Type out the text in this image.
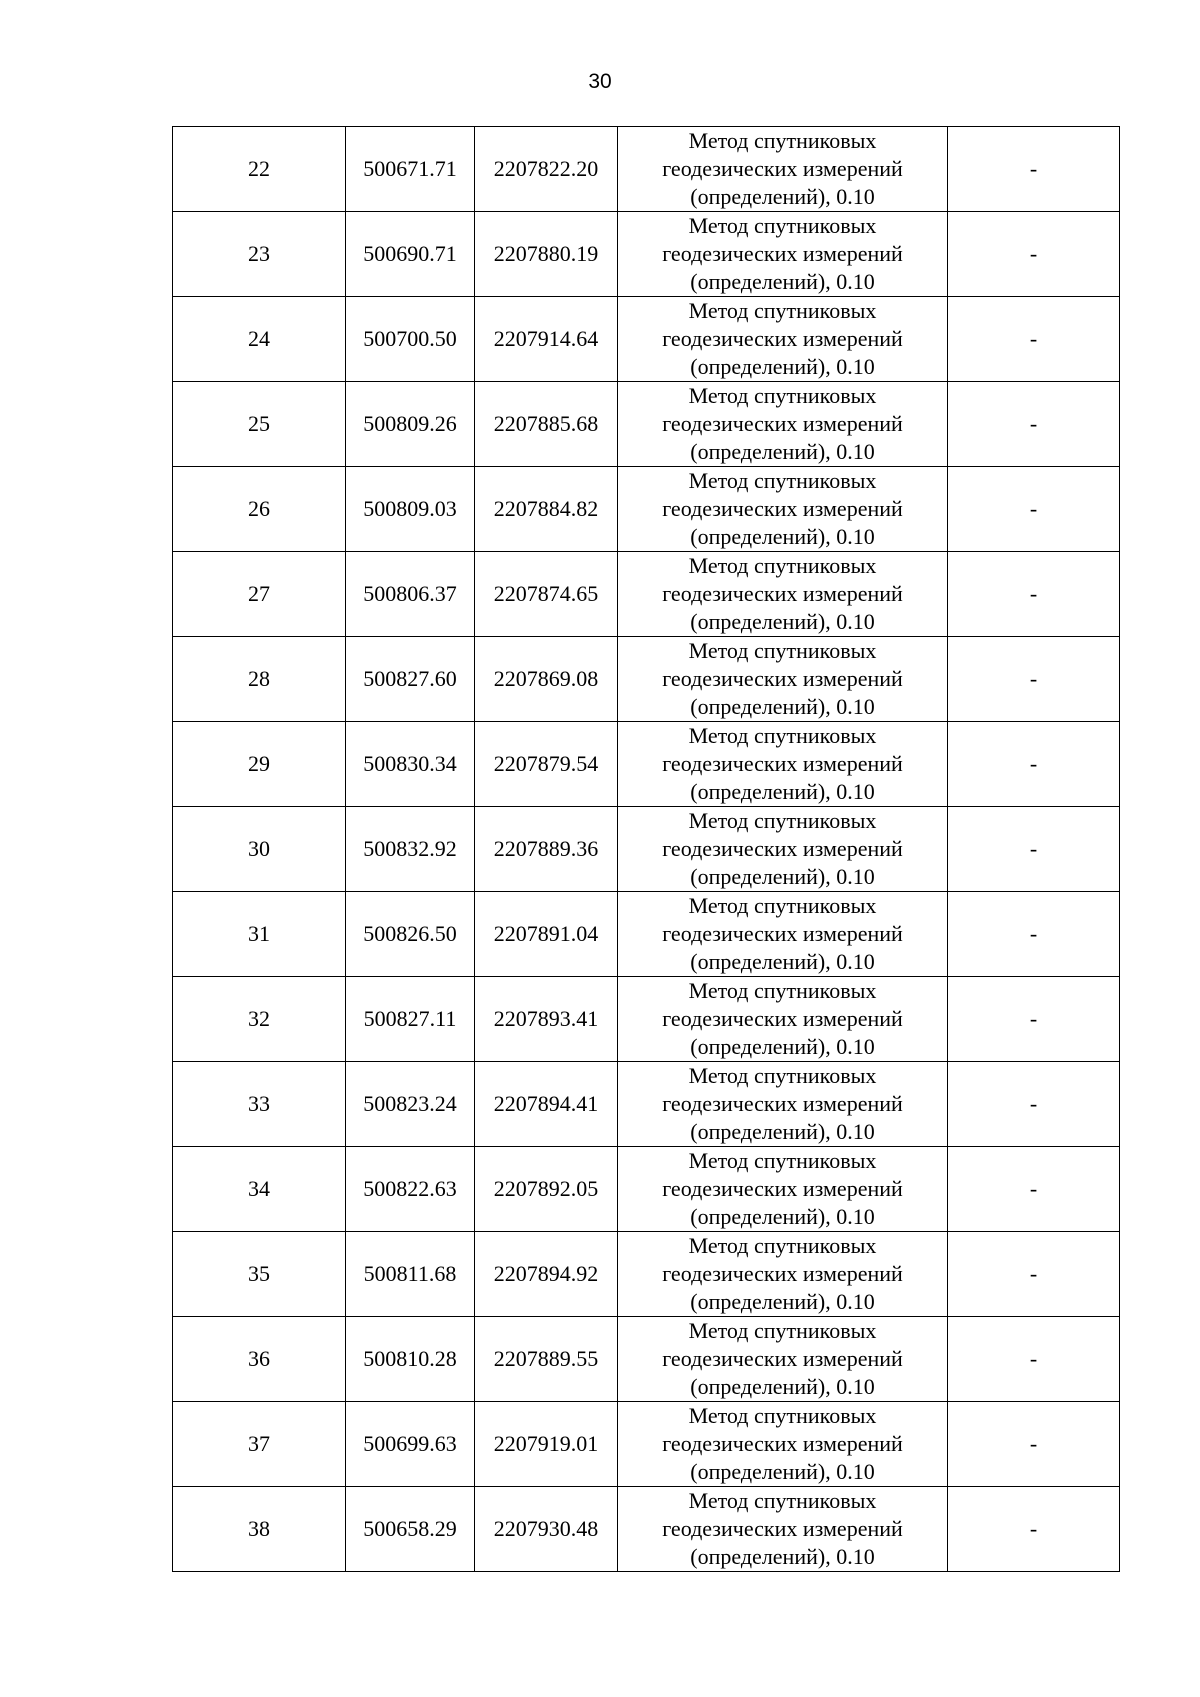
30
22	500671.71	2207822.20	Метод спутниковых
геодезических измерений
(определений), 0.10	-
23	500690.71	2207880.19	Метод спутниковых
геодезических измерений
(определений), 0.10	-
24	500700.50	2207914.64	Метод спутниковых
геодезических измерений
(определений), 0.10	-
25	500809.26	2207885.68	Метод спутниковых
геодезических измерений
(определений), 0.10	-
26	500809.03	2207884.82	Метод спутниковых
геодезических измерений
(определений), 0.10	-
27	500806.37	2207874.65	Метод спутниковых
геодезических измерений
(определений), 0.10	-
28	500827.60	2207869.08	Метод спутниковых
геодезических измерений
(определений), 0.10	-
29	500830.34	2207879.54	Метод спутниковых
геодезических измерений
(определений), 0.10	-
30	500832.92	2207889.36	Метод спутниковых
геодезических измерений
(определений), 0.10	-
31	500826.50	2207891.04	Метод спутниковых
геодезических измерений
(определений), 0.10	-
32	500827.11	2207893.41	Метод спутниковых
геодезических измерений
(определений), 0.10	-
33	500823.24	2207894.41	Метод спутниковых
геодезических измерений
(определений), 0.10	-
34	500822.63	2207892.05	Метод спутниковых
геодезических измерений
(определений), 0.10	-
35	500811.68	2207894.92	Метод спутниковых
геодезических измерений
(определений), 0.10	-
36	500810.28	2207889.55	Метод спутниковых
геодезических измерений
(определений), 0.10	-
37	500699.63	2207919.01	Метод спутниковых
геодезических измерений
(определений), 0.10	-
38	500658.29	2207930.48	Метод спутниковых
геодезических измерений
(определений), 0.10	-
